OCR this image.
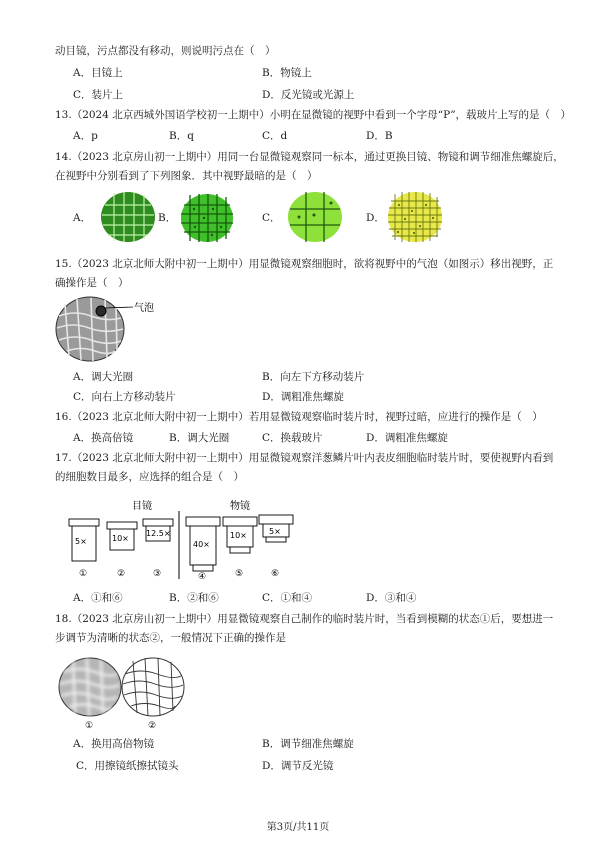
动目镜，污点都没有移动，则说明污点在（　）
A．目镜上	B．物镜上
C．装片上	D．反光镜或光源上
13.（2024 北京西城外国语学校初一上期中）小明在显微镜的视野中看到一个字母“P”，载玻片上写的是（　）
A．p	B．q	C．d	D．B
14.（2023 北京房山初一上期中）用同一台显微镜观察同一标本，通过更换目镜、物镜和调节细准焦螺旋后，
在视野中分别看到了下列图象．其中视野最暗的是（　）
A．	B．	C．	D．
15.（2023 北京北师大附中初一上期中）用显微镜观察细胞时，欲将视野中的气泡（如图示）移出视野，正
确操作是（　）
气泡
A．调大光圈	B．向左下方移动装片
C．向右上方移动装片	D．调粗准焦螺旋
16.（2023 北京北师大附中初一上期中）若用显微镜观察临时装片时，视野过暗，应进行的操作是（　）
A．换高倍镜	B．调大光圈	C．换载玻片	D．调粗准焦螺旋
17.（2023 北京北师大附中初一上期中）用显微镜观察洋葱鳞片叶内表皮细胞临时装片时，要使视野内看到
的细胞数目最多，应选择的组合是（　）
目镜	物镜
5×	10×
12.5×
40×
10×	5×
①	②	③	④	⑤	⑥
A．①和⑥	B．②和⑥	C．①和④	D．③和④
18.（2023 北京房山初一上期中）用显微镜观察自己制作的临时装片时，当看到模糊的状态①后，要想进一
步调节为清晰的状态②，一般情况下正确的操作是
①	②
A．换用高倍物镜	B．调节细准焦螺旋
C．用擦镜纸擦拭镜头	D．调节反光镜
第3页/共11页
